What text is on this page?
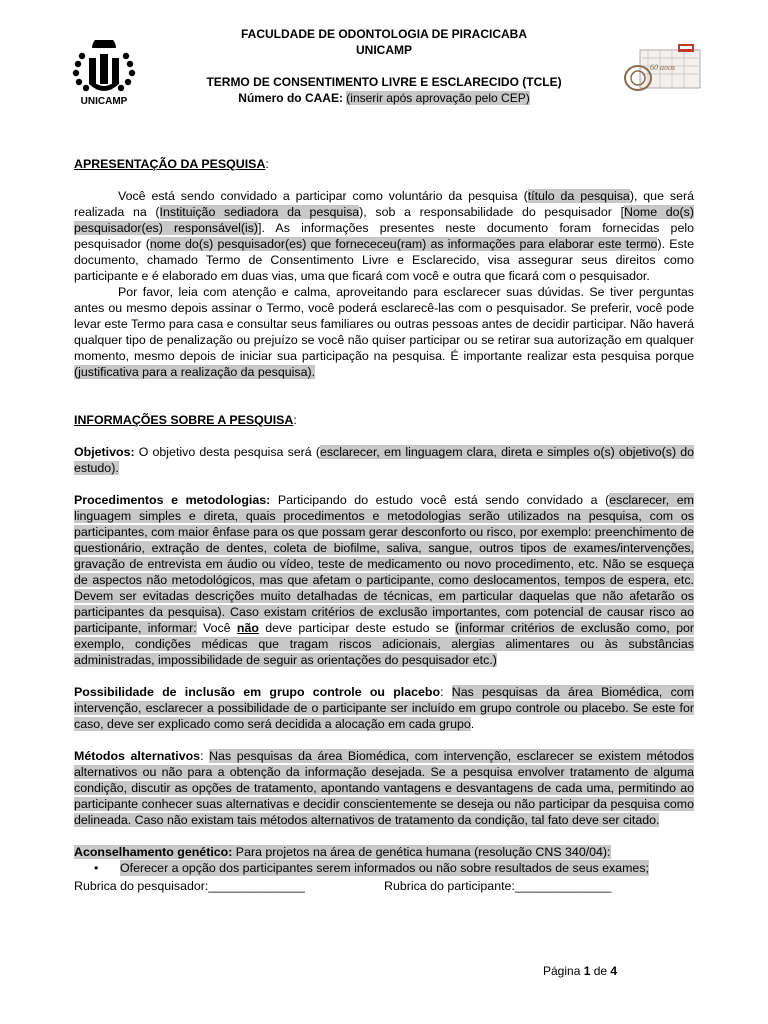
UNICAMP
60 anos
FACULDADE DE ODONTOLOGIA DE PIRACICABA
UNICAMP
TERMO DE CONSENTIMENTO LIVRE E ESCLARECIDO (TCLE)
Número do CAAE: (inserir após aprovação pelo CEP)

APRESENTAÇÃO DA PESQUISA:

Você está sendo convidado a participar como voluntário da pesquisa (título da pesquisa), que será realizada na (Instituição sediadora da pesquisa), sob a responsabilidade do pesquisador [Nome do(s) pesquisador(es) responsável(is)]. As informações presentes neste documento foram fornecidas pelo pesquisador (nome do(s) pesquisador(es) que fornececeu(ram) as informações para elaborar este termo). Este documento, chamado Termo de Consentimento Livre e Esclarecido, visa assegurar seus direitos como participante e é elaborado em duas vias, uma que ficará com você e outra que ficará com o pesquisador.

Por favor, leia com atenção e calma, aproveitando para esclarecer suas dúvidas. Se tiver perguntas antes ou mesmo depois assinar o Termo, você poderá esclarecê-las com o pesquisador. Se preferir, você pode levar este Termo para casa e consultar seus familiares ou outras pessoas antes de decidir participar. Não haverá qualquer tipo de penalização ou prejuízo se você não quiser participar ou se retirar sua autorização em qualquer momento, mesmo depois de iniciar sua participação na pesquisa. É importante realizar esta pesquisa porque (justificativa para a realização da pesquisa).

INFORMAÇÕES SOBRE A PESQUISA:

Objetivos: O objetivo desta pesquisa será (esclarecer, em linguagem clara, direta e simples o(s) objetivo(s) do estudo).

Procedimentos e metodologias: Participando do estudo você está sendo convidado a (esclarecer, em linguagem simples e direta, quais procedimentos e metodologias serão utilizados na pesquisa, com os participantes, com maior ênfase para os que possam gerar desconforto ou risco, por exemplo: preenchimento de questionário, extração de dentes, coleta de biofilme, saliva, sangue, outros tipos de exames/intervenções, gravação de entrevista em áudio ou vídeo, teste de medicamento ou novo procedimento, etc. Não se esqueça de aspectos não metodológicos, mas que afetam o participante, como deslocamentos, tempos de espera, etc. Devem ser evitadas descrições muito detalhadas de técnicas, em particular daquelas que não afetarão os participantes da pesquisa). Caso existam critérios de exclusão importantes, com potencial de causar risco ao participante, informar: Você não deve participar deste estudo se (informar critérios de exclusão como, por exemplo, condições médicas que tragam riscos adicionais, alergias alimentares ou às substâncias administradas, impossibilidade de seguir as orientações do pesquisador etc.)

Possibilidade de inclusão em grupo controle ou placebo: Nas pesquisas da área Biomédica, com intervenção, esclarecer a possibilidade de o participante ser incluído em grupo controle ou placebo. Se este for caso, deve ser explicado como será decidida a alocação em cada grupo.

Métodos alternativos: Nas pesquisas da área Biomédica, com intervenção, esclarecer se existem métodos alternativos ou não para a obtenção da informação desejada. Se a pesquisa envolver tratamento de alguma condição, discutir as opções de tratamento, apontando vantagens e desvantagens de cada uma, permitindo ao participante conhecer suas alternativas e decidir conscientemente se deseja ou não participar da pesquisa como delineada. Caso não existam tais métodos alternativos de tratamento da condição, tal fato deve ser citado.

Aconselhamento genético: Para projetos na área de genética humana (resolução CNS 340/04):

•	Oferecer a opção dos participantes serem informados ou não sobre resultados de seus exames;
Rubrica do pesquisador:______________	Rubrica do participante:______________
Página 1 de 4
